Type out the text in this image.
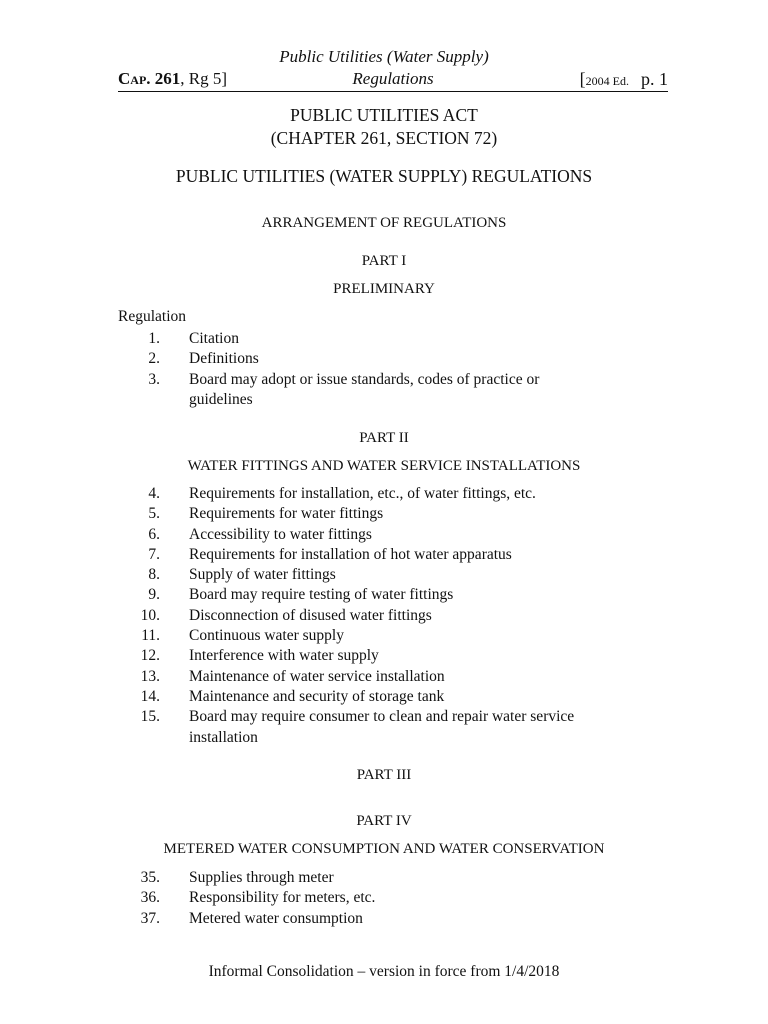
Public Utilities (Water Supply)
Cap. 261, Rg 5]	Regulations	[2004 Ed. p. 1
PUBLIC UTILITIES ACT
(CHAPTER 261, SECTION 72)
PUBLIC UTILITIES (WATER SUPPLY) REGULATIONS
ARRANGEMENT OF REGULATIONS
PART I
PRELIMINARY
Regulation
1. Citation
2. Definitions
3. Board may adopt or issue standards, codes of practice or guidelines
PART II
WATER FITTINGS AND WATER SERVICE INSTALLATIONS
4. Requirements for installation, etc., of water fittings, etc.
5. Requirements for water fittings
6. Accessibility to water fittings
7. Requirements for installation of hot water apparatus
8. Supply of water fittings
9. Board may require testing of water fittings
10. Disconnection of disused water fittings
11. Continuous water supply
12. Interference with water supply
13. Maintenance of water service installation
14. Maintenance and security of storage tank
15. Board may require consumer to clean and repair water service installation
PART III
PART IV
METERED WATER CONSUMPTION AND WATER CONSERVATION
35. Supplies through meter
36. Responsibility for meters, etc.
37. Metered water consumption
Informal Consolidation – version in force from 1/4/2018
